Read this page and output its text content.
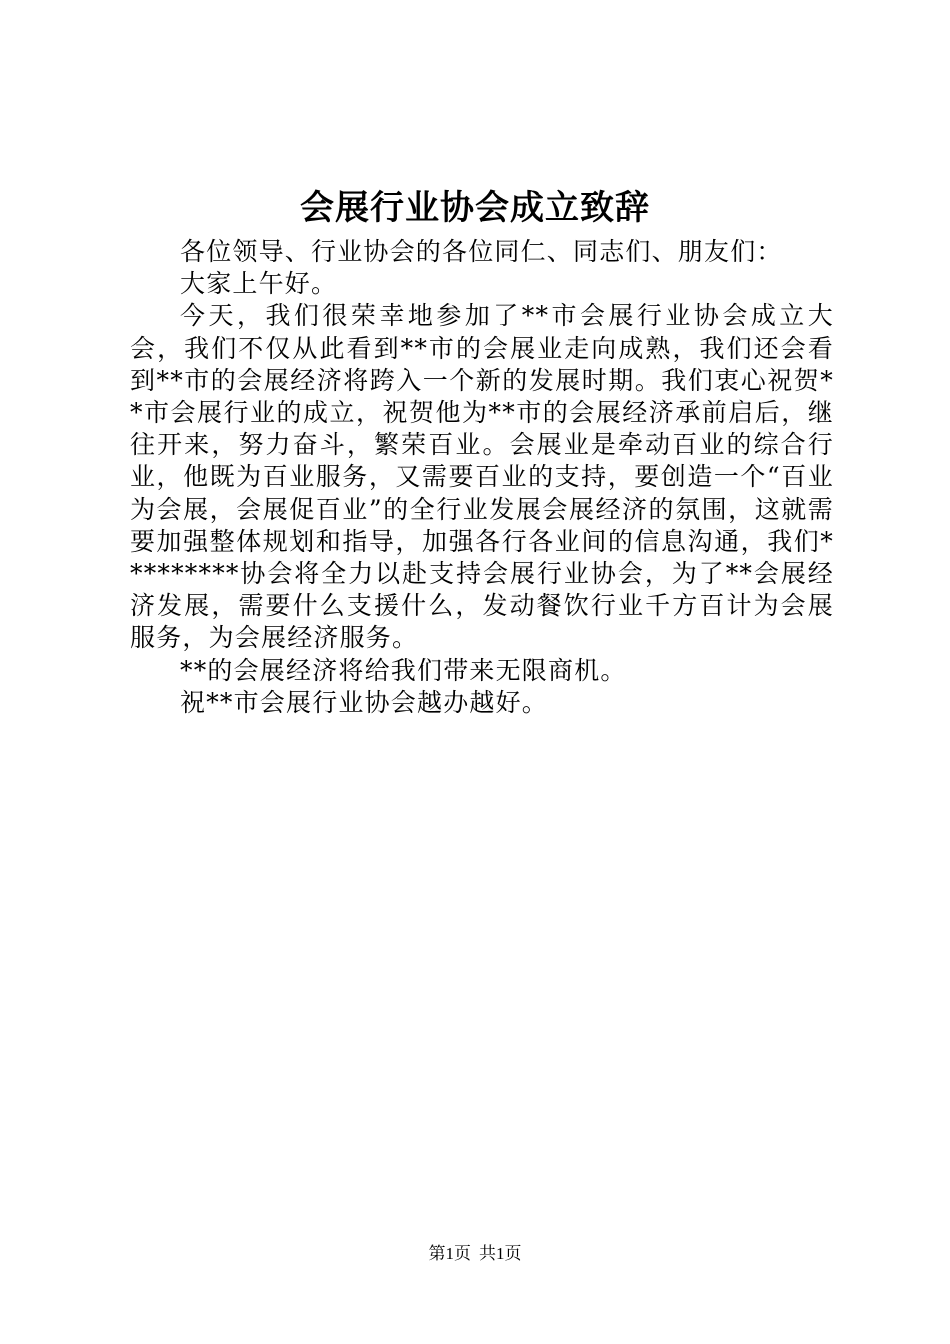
会展行业协会成立致辞

各位领导、行业协会的各位同仁、同志们、朋友们：

大家上午好。

今天，我们很荣幸地参加了**市会展行业协会成立大会，我们不仅从此看到**市的会展业走向成熟，我们还会看到**市的会展经济将跨入一个新的发展时期。我们衷心祝贺**市会展行业的成立，祝贺他为**市的会展经济承前启后，继往开来，努力奋斗，繁荣百业。会展业是牵动百业的综合行业，他既为百业服务，又需要百业的支持，要创造一个“百业为会展，会展促百业”的全行业发展会展经济的氛围，这就需要加强整体规划和指导，加强各行各业间的信息沟通，我们*********协会将全力以赴支持会展行业协会，为了**会展经济发展，需要什么支援什么，发动餐饮行业千方百计为会展服务，为会展经济服务。

**的会展经济将给我们带来无限商机。

祝**市会展行业协会越办越好。

第1页 共1页
